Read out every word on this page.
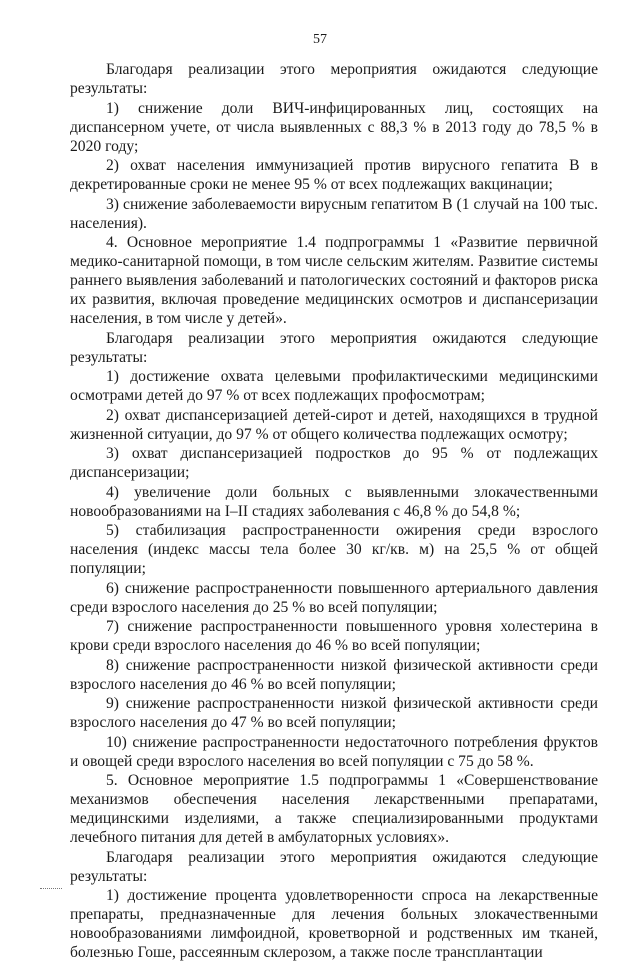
57

Благодаря реализации этого мероприятия ожидаются следующие результаты:

1) снижение доли ВИЧ-инфицированных лиц, состоящих на диспансерном учете, от числа выявленных с 88,3 % в 2013 году до 78,5 % в 2020 году;

2) охват населения иммунизацией против вирусного гепатита В в декретированные сроки не менее 95 % от всех подлежащих вакцинации;

3) снижение заболеваемости вирусным гепатитом В (1 случай на 100 тыс. населения).

4. Основное мероприятие 1.4 подпрограммы 1 «Развитие первичной медико-санитарной помощи, в том числе сельским жителям. Развитие системы раннего выявления заболеваний и патологических состояний и факторов риска их развития, включая проведение медицинских осмотров и диспансеризации населения, в том числе у детей».

Благодаря реализации этого мероприятия ожидаются следующие результаты:

1) достижение охвата целевыми профилактическими медицинскими осмотрами детей до 97 % от всех подлежащих профосмотрам;

2) охват диспансеризацией детей-сирот и детей, находящихся в трудной жизненной ситуации, до 97 % от общего количества подлежащих осмотру;

3) охват диспансеризацией подростков до 95 % от подлежащих диспансеризации;

4) увеличение доли больных с выявленными злокачественными новообразованиями на I–II стадиях заболевания с 46,8 % до 54,8 %;

5) стабилизация распространенности ожирения среди взрослого населения (индекс массы тела более 30 кг/кв. м) на 25,5 % от общей популяции;

6) снижение распространенности повышенного артериального давления среди взрослого населения до 25 % во всей популяции;

7) снижение распространенности повышенного уровня холестерина в крови среди взрослого населения до 46 % во всей популяции;

8) снижение распространенности низкой физической активности среди взрослого населения до 46 % во всей популяции;

9) снижение распространенности низкой физической активности среди взрослого населения до 47 % во всей популяции;

10) снижение распространенности недостаточного потребления фруктов и овощей среди взрослого населения во всей популяции с 75 до 58 %.

5. Основное мероприятие 1.5 подпрограммы 1 «Совершенствование механизмов обеспечения населения лекарственными препаратами, медицинскими изделиями, а также специализированными продуктами лечебного питания для детей в амбулаторных условиях».

Благодаря реализации этого мероприятия ожидаются следующие результаты:

1) достижение процента удовлетворенности спроса на лекарственные препараты, предназначенные для лечения больных злокачественными новообразованиями лимфоидной, кроветворной и родственных им тканей, болезнью Гоше, рассеянным склерозом, а также после трансплантации
